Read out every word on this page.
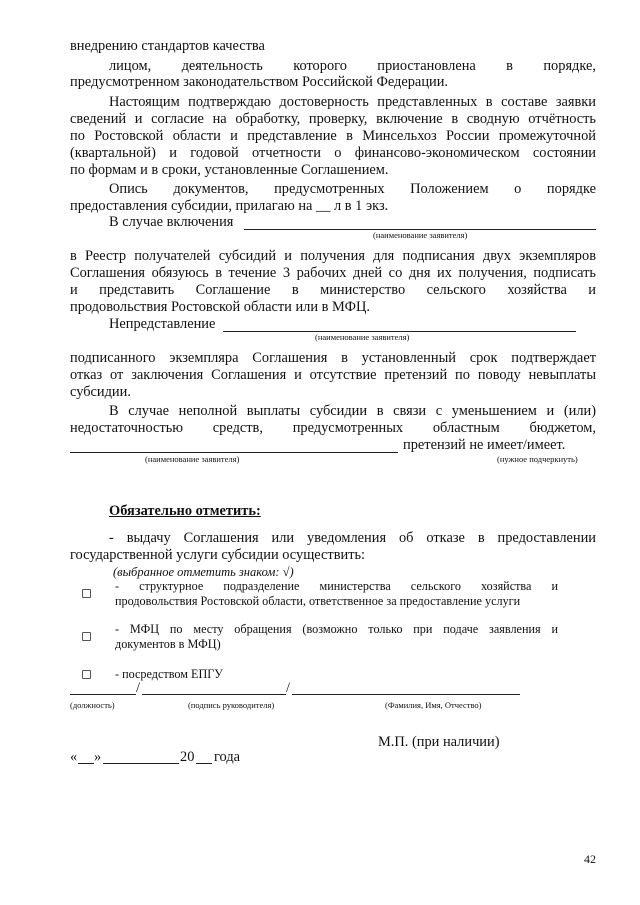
внедрению стандартов качества
лицом, деятельность которого приостановлена в порядке,
предусмотренном законодательством Российской Федерации.
Настоящим подтверждаю достоверность представленных в составе заявки
сведений и согласие на обработку, проверку, включение в сводную отчётность
по Ростовской области и представление в Минсельхоз России промежуточной
(квартальной) и годовой отчетности о финансово-экономическом состоянии
по формам и в сроки, установленные Соглашением.
Опись документов, предусмотренных Положением о порядке
предоставления субсидии, прилагаю на __ л в 1 экз.
В случае включения
(наименование заявителя)
в Реестр получателей субсидий и получения для подписания двух экземпляров
Соглашения обязуюсь в течение 3 рабочих дней со дня их получения, подписать
и представить Соглашение в министерство сельского хозяйства и
продовольствия Ростовской области или в МФЦ.
Непредставление
(наименование заявителя)
подписанного экземпляра Соглашения в установленный срок подтверждает
отказ от заключения Соглашения и отсутствие претензий по поводу невыплаты
субсидии.
В случае неполной выплаты субсидии в связи с уменьшением и (или)
недостаточностью средств, предусмотренных областным бюджетом,
претензий не имеет/имеет.
(наименование заявителя)	(нужное подчеркнуть)
Обязательно отметить:
- выдачу Соглашения или уведомления об отказе в предоставлении
государственной услуги субсидии осуществить:
(выбранное отметить знаком: √)
- структурное подразделение министерства сельского хозяйства и
продовольствия Ростовской области, ответственное за предоставление услуги
- МФЦ по месту обращения (возможно только при подаче заявления и
документов в МФЦ)
- посредством ЕПГУ
/	/
(должность)	(подпись руководителя)	(Фамилия, Имя, Отчество)
М.П. (при наличии)
« »	20 года
42
